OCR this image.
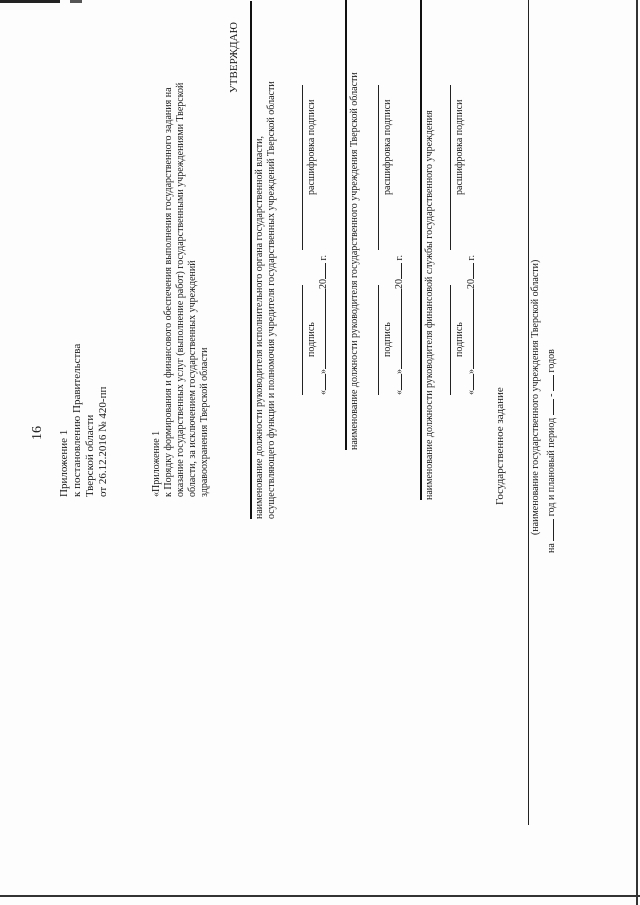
16 Приложение 1 к постановлению Правительства Тверской области от 26.12.2016 № 420-пп	«Приложение 1 к Порядку формирования и финансового обеспечения выполнения государственного задания на оказание государственных услуг (выполнение работ) государственными учреждениями Тверской области, за исключением государственных учреждений здравоохранения Тверской области
УТВЕРЖДАЮ
наименование должности руководителя исполнительного органа государственной власти, осуществляющего функции и полномочия учредителя государственных учреждений Тверской области	подпись
расшифровка подписи
«»20 г. наименование должности руководителя государственного учреждения Тверской области подпись
расшифровка подписи
«»20 г. наименование должности руководителя финансовой службы государственного учреждения подпись
расшифровка подписи
«»20 г.
Государственное задание (наименование государственного учреждения Тверской области)
на  год и плановый период  -  годов
